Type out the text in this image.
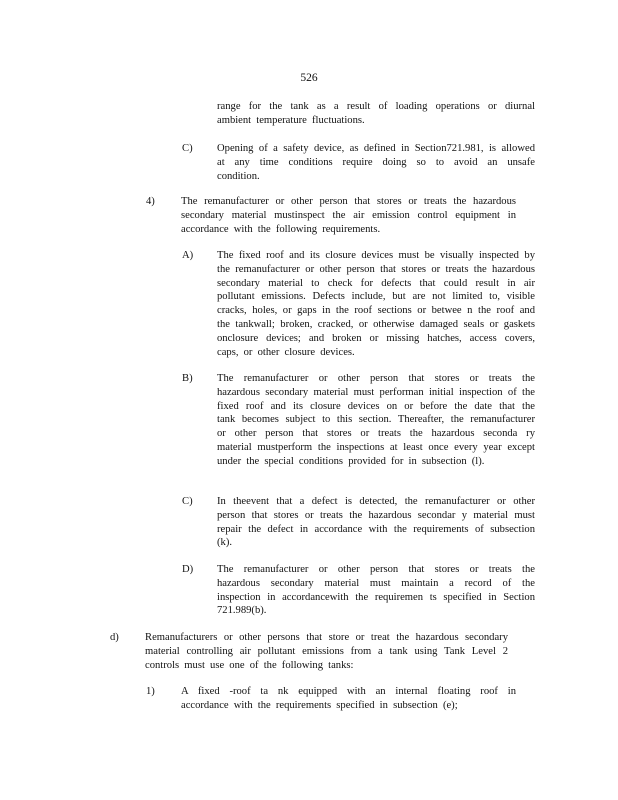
526
range for the tank as a result of loading operations or diurnal ambient temperature fluctuations.
C) Opening of a safety device, as defined in Section721.981, is allowed at any time conditions require doing so to avoid an unsafe condition.
4) The remanufacturer or other person that stores or treats the hazardous secondary material mustinspect the air emission control equipment in accordance with the following requirements.
A) The fixed roof and its closure devices must be visually inspected by the remanufacturer or other person that stores or treats the hazardous secondary material to check for defects that could result in air pollutant emissions. Defects include, but are not limited to, visible cracks, holes, or gaps in the roof sections or betwee n the roof and the tankwall; broken, cracked, or otherwise damaged seals or gaskets onclosure devices; and broken or missing hatches, access covers, caps, or other closure devices.
B) The remanufacturer or other person that stores or treats the hazardous secondary material must performan initial inspection of the fixed roof and its closure devices on or before the date that the tank becomes subject to this section. Thereafter, the remanufacturer or other person that stores or treats the hazardous seconda ry material mustperform the inspections at least once every year except under the special conditions provided for in subsection (l).
C) In theevent that a defect is detected, the remanufacturer or other person that stores or treats the hazardous secondar y material must repair the defect in accordance with the requirements of subsection (k).
D) The remanufacturer or other person that stores or treats the hazardous secondary material must maintain a record of the inspection in accordancewith the requiremen ts specified in Section 721.989(b).
d) Remanufacturers or other persons that store or treat the hazardous secondary material controlling air pollutant emissions from a tank using Tank Level 2 controls must use one of the following tanks:
1) A fixed -roof ta nk equipped with an internal floating roof in accordance with the requirements specified in subsection (e);
